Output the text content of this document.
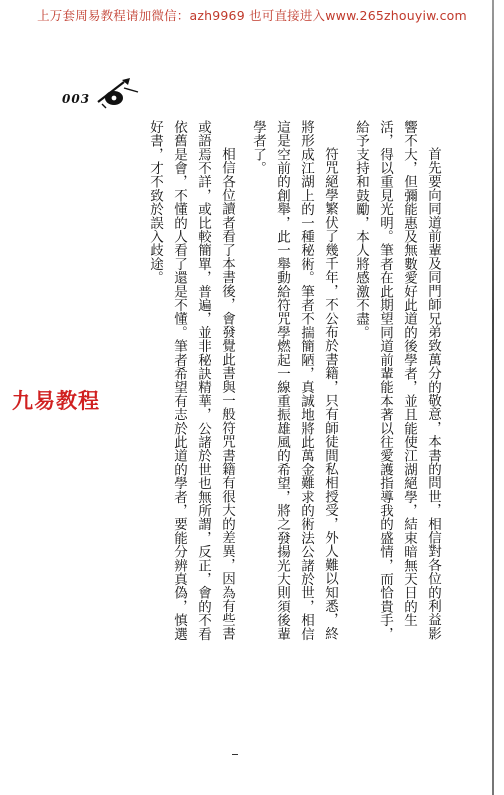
上万套周易教程请加微信：azh9969 也可直接进入www.265zhouyiw.com
003
首先要向同道前輩及同門師兄弟致萬分的敬意，本書的問世，相信對各位的利益影
響不大，但彌能惠及無數愛好此道的後學者，並且能使江湖絕學，結束暗無天日的生
活，得以重見光明。筆者在此期望同道前輩能本著以往愛護指導我的盛情，而恰貴手，
給予支持和鼓勵，本人將感激不盡。
符咒絕學繁伏了幾千年，不公布於書籍，只有師徒間私相授受，外人難以知悉，終
將形成江湖上的一種秘術。筆者不揣簡陋，真誠地將此萬金難求的術法公諸於世，相信
這是空前的創舉，此一舉動給符咒學燃起一線重振雄風的希望，將之發揚光大則須後輩
學者了。
相信各位讀者看了本書後，會發覺此書與一般符咒書籍有很大的差異，因為有些書
或語焉不詳，或比較簡單，普遍，並非秘訣精華，公諸於世也無所謂，反正，會的不看
依舊是會，不懂的人看了還是不懂。筆者希望有志於此道的學者，要能分辨真偽，慎選
好書，才不致於誤入歧途。
九易教程
